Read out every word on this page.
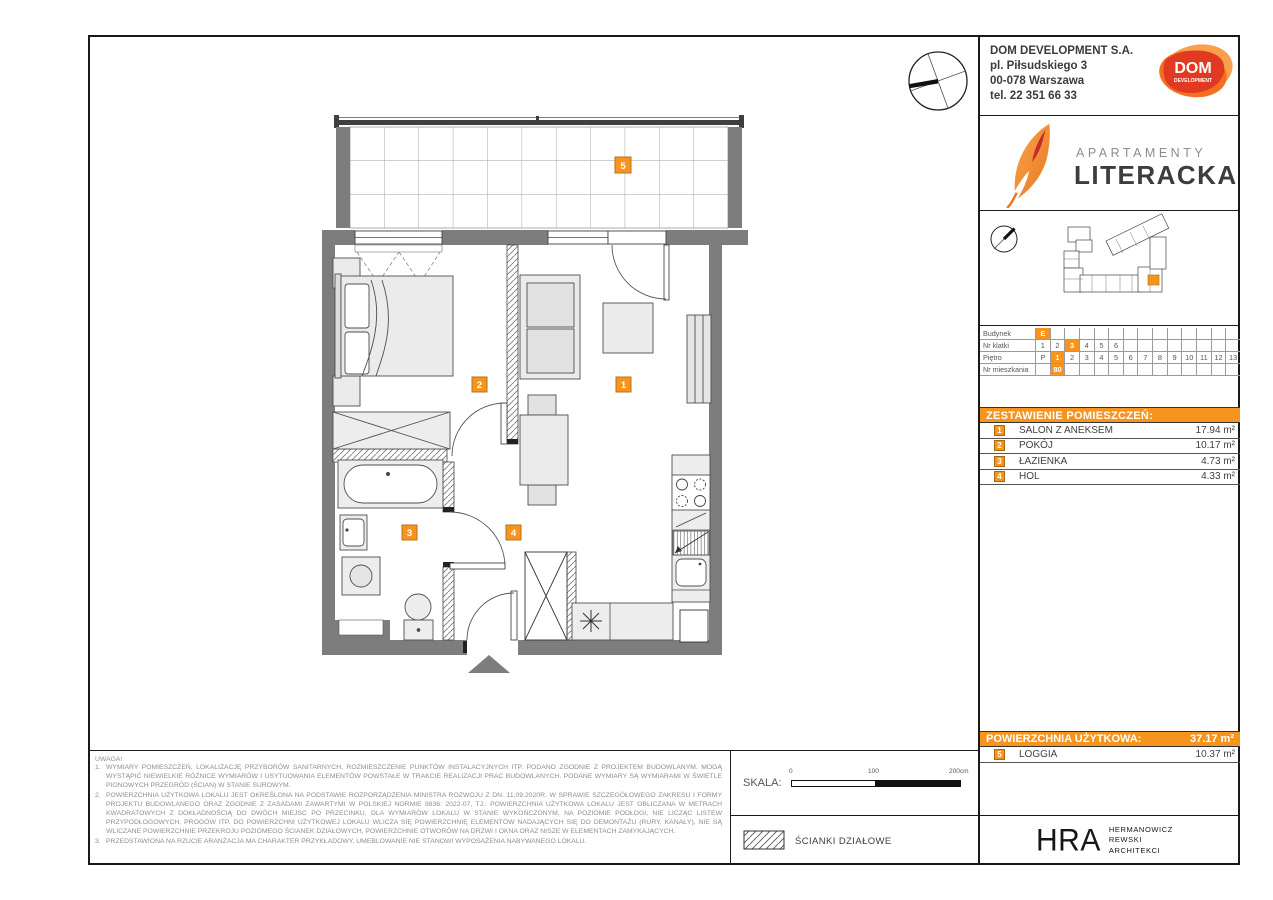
1
2
3	4
5
DOM DEVELOPMENT S.A.
pl. Piłsudskiego 3
00-078 Warszawa
tel. 22 351 66 33
DOM
DEVELOPMENT
APARTAMENTY
LITERACKA
Budynek	E
Nr klatki	1	2	3	4	5	6
Piętro	P	1	2	3	4	5	6	7	8	9	10 11 12 13
Nr mieszkania	80
ZESTAWIENIE POMIESZCZEŃ:
1	SALON Z ANEKSEM	17.94 m²
2	POKÓJ	10.17 m²
3	ŁAZIENKA	4.73 m²
4	HOL	4.33 m²
POWIERZCHNIA UŻYTKOWA:	37.17 m²
5	LOGGIA	10.37 m²
HRA HERMANOWICZ
REWSKI
ARCHITEKCI
UWAGA!
1. WYMIARY POMIESZCZEŃ, LOKALIZACJĘ PRZYBORÓW SANITARNYCH, ROZMIESZCZENIE PUNKTÓW INSTALACYJNYCH ITP. PODANO ZGODNIE Z PROJEKTEM BUDOWLANYM. MOGĄ WYSTĄPIĆ NIEWIELKIE RÓŻNICE WYMIARÓW I USYTUOWANIA ELEMENTÓW POWSTAŁE W TRAKCIE REALIZACJI PRAC BUDOWLANYCH. PODANE WYMIARY SĄ WYMIARAMI W ŚWIETLE PIONOWYCH PRZEGRÓD (ŚCIAN) W STANIE SUROWYM.
2. POWIERZCHNIA UŻYTKOWA LOKALU JEST OKREŚLONA NA PODSTAWIE ROZPORZĄDZENIA MINISTRA ROZWOJU Z DN. 11.09.2020R. W SPRAWIE SZCZEGÓŁOWEGO ZAKRESU I FORMY PROJEKTU BUDOWLANEGO ORAZ ZGODNIE Z ZASADAMI ZAWARTYMI W POLSKIEJ NORMIE 9836: 2022-07, TJ.: POWIERZCHNIA UŻYTKOWA LOKALU JEST OBLICZANA W METRACH KWADRATOWYCH Z DOKŁADNOŚCIĄ DO DWÓCH MIEJSC PO PRZECINKU, DLA WYMIARÓW LOKALU W STANIE WYKOŃCZONYM, NA POZIOMIE PODŁOGI, NIE LICZĄC LISTEW PRZYPODŁOGOWYCH, PROGÓW ITP. DO POWIERZCHNI UŻYTKOWEJ LOKALU WLICZA SIĘ POWIERZCHNIĘ ELEMENTÓW NADAJĄCYCH SIĘ DO DEMONTAŻU (RURY, KANAŁY), NIE SĄ WLICZANE POWIERZCHNIE PRZEKROJU POZIOMEGO ŚCIANEK DZIAŁOWYCH, POWIERZCHNIE OTWORÓW NA DRZWI I OKNA ORAZ NISZE W ELEMENTACH ZAMYKAJĄCYCH.
3. PRZEDSTAWIONA NA RZUCIE ARANŻACJA MA CHARAKTER PRZYKŁADOWY, UMEBLOWANIE NIE STANOWI WYPOSAŻENIA NABYWANEGO LOKALU.
SKALA:
0	100	200cm
ŚCIANKI DZIAŁOWE
